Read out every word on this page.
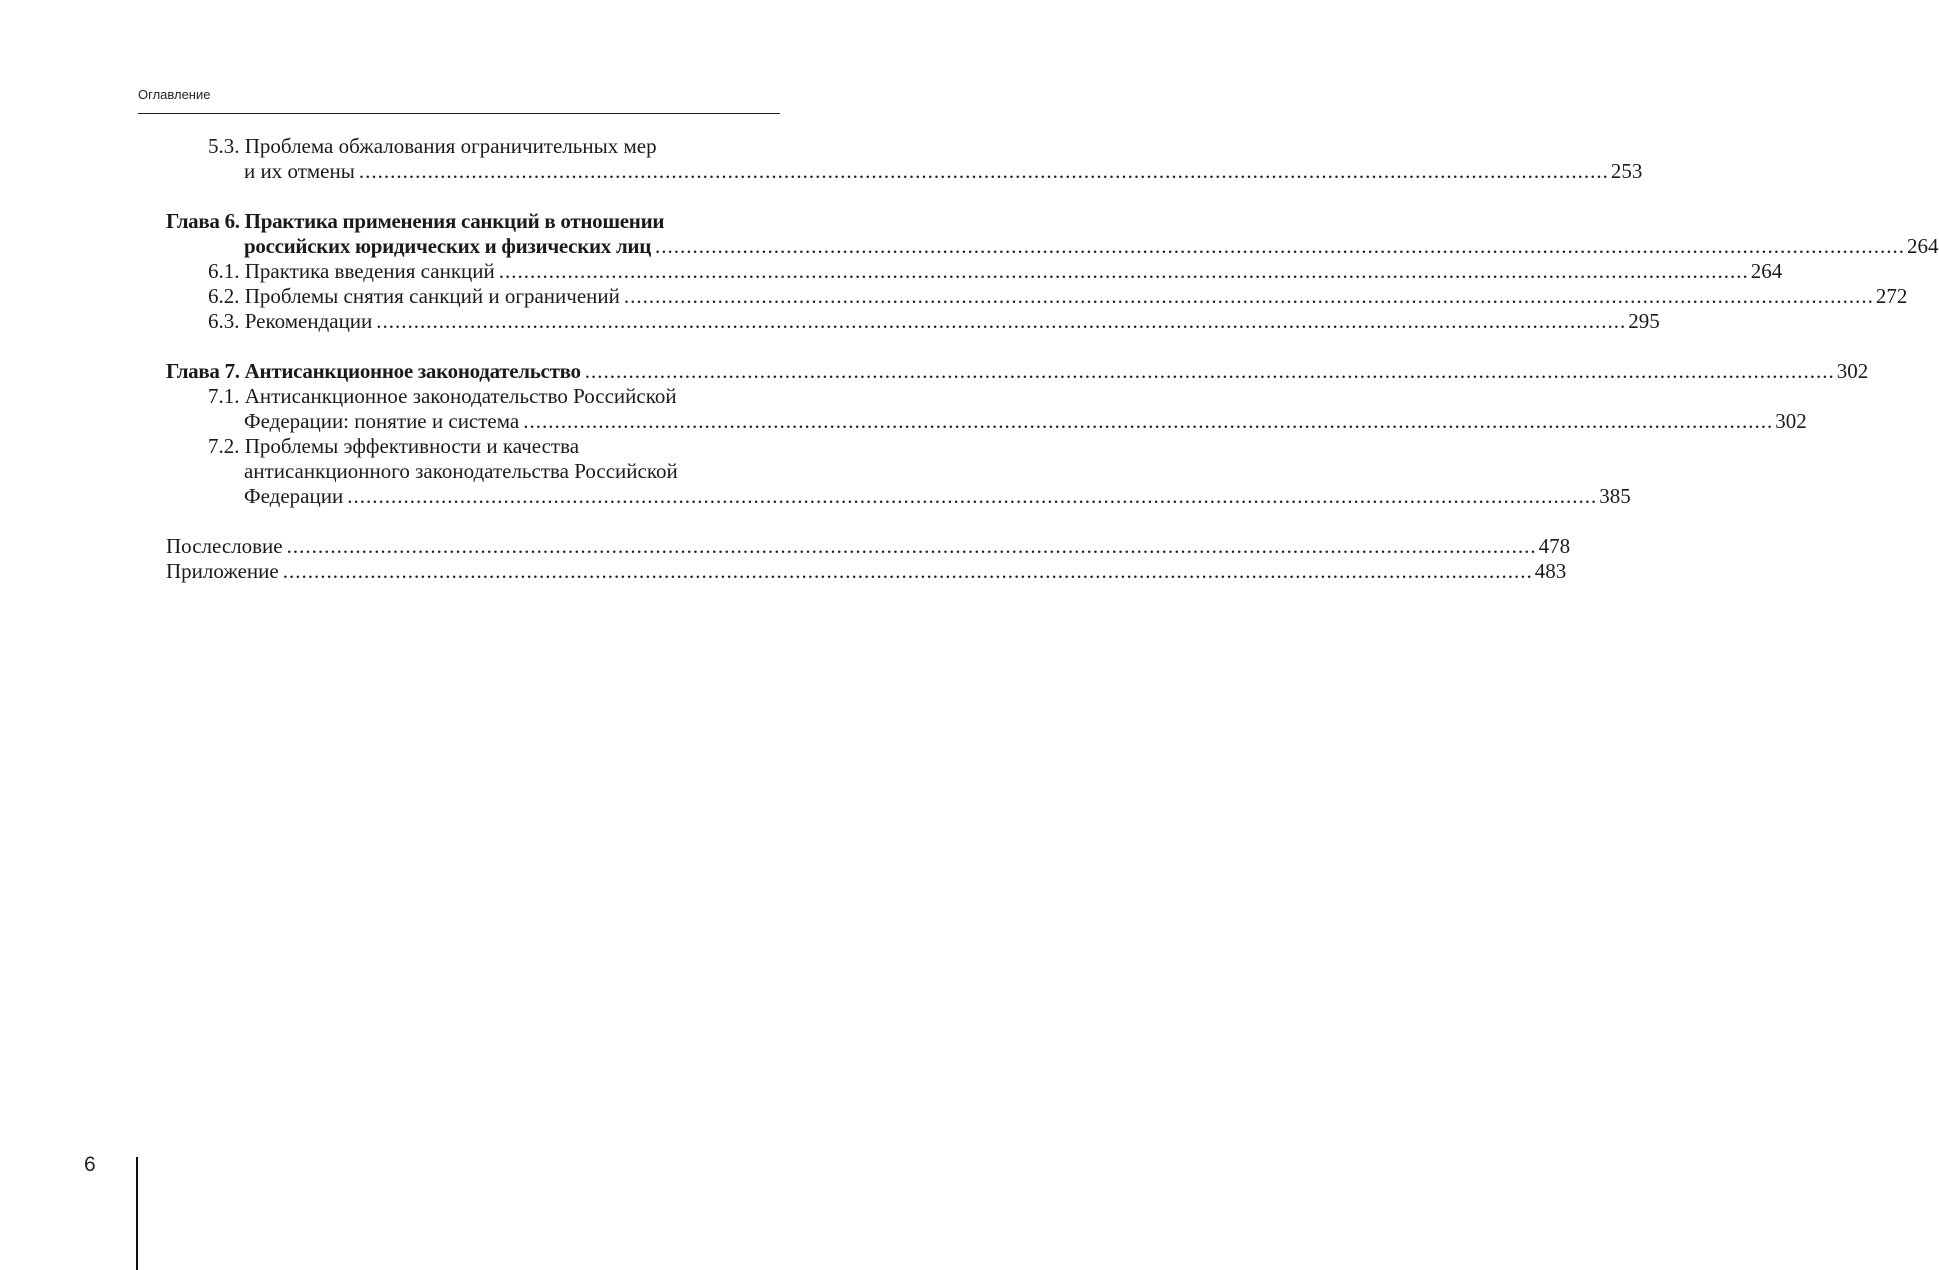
Оглавление
5.3. Проблема обжалования ограничительных мер
и их отмены ........................................................................................................................................................................................................ 253
Глава 6. Практика применения санкций в отношении
российских юридических и физических лиц ........................................................................................................................................................................................................ 264
6.1. Практика введения санкций ........................................................................................................................................................................................................ 264
6.2. Проблемы снятия санкций и ограничений ........................................................................................................................................................................................................ 272
6.3. Рекомендации ........................................................................................................................................................................................................ 295
Глава 7. Антисанкционное законодательство ........................................................................................................................................................................................................ 302
7.1. Антисанкционное законодательство Российской
Федерации: понятие и система ........................................................................................................................................................................................................ 302
7.2. Проблемы эффективности и качества
антисанкционного законодательства Российской
Федерации ........................................................................................................................................................................................................ 385
Послесловие ........................................................................................................................................................................................................ 478
Приложение ........................................................................................................................................................................................................ 483
6
